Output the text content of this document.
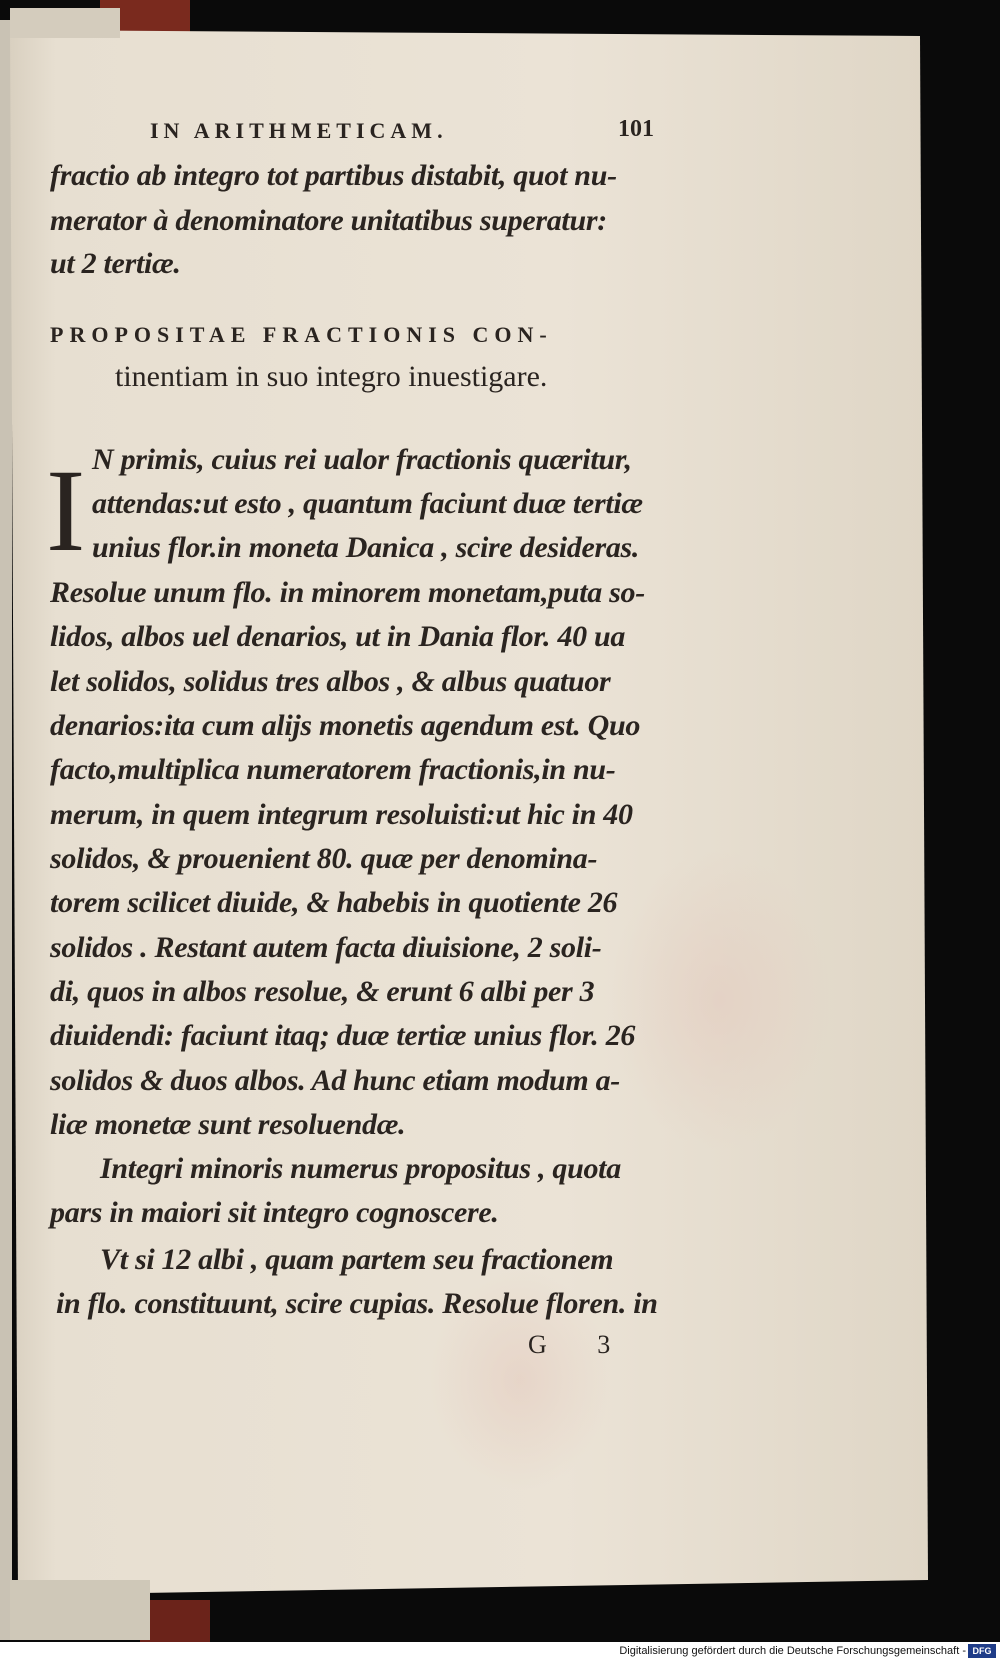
IN ARITHMETICAM.	101
fractio ab integro tot partibus distabit, quot nu-
merator à denominatore unitatibus superatur:
ut 2 tertiæ.
PROPOSITAE FRACTIONIS CON-
tinentiam in suo integro inuestigare.
I N primis, cuius rei ualor fractionis quæritur,
attendas:ut esto , quantum faciunt duæ tertiæ
unius flor.in moneta Danica , scire desideras.
Resolue unum flo. in minorem monetam,puta so-
lidos, albos uel denarios, ut in Dania flor. 40 ua
let solidos, solidus tres albos , & albus quatuor
denarios:ita cum alijs monetis agendum est. Quo
facto,multiplica numeratorem fractionis,in nu-
merum, in quem integrum resoluisti:ut hic in 40
solidos, & prouenient 80. quæ per denomina-
torem scilicet diuide, & habebis in quotiente 26
solidos . Restant autem facta diuisione, 2 soli-
di, quos in albos resolue, & erunt 6 albi per 3
diuidendi: faciunt itaq; duæ tertiæ unius flor. 26
solidos & duos albos. Ad hunc etiam modum a-
liæ monetæ sunt resoluendæ.
Integri minoris numerus propositus , quota
pars in maiori sit integro cognoscere.
Vt si 12 albi , quam partem seu fractionem
in flo. constituunt, scire cupias. Resolue floren. in
G 3
Digitalisierung gefördert durch die Deutsche Forschungsgemeinschaft - DFG
